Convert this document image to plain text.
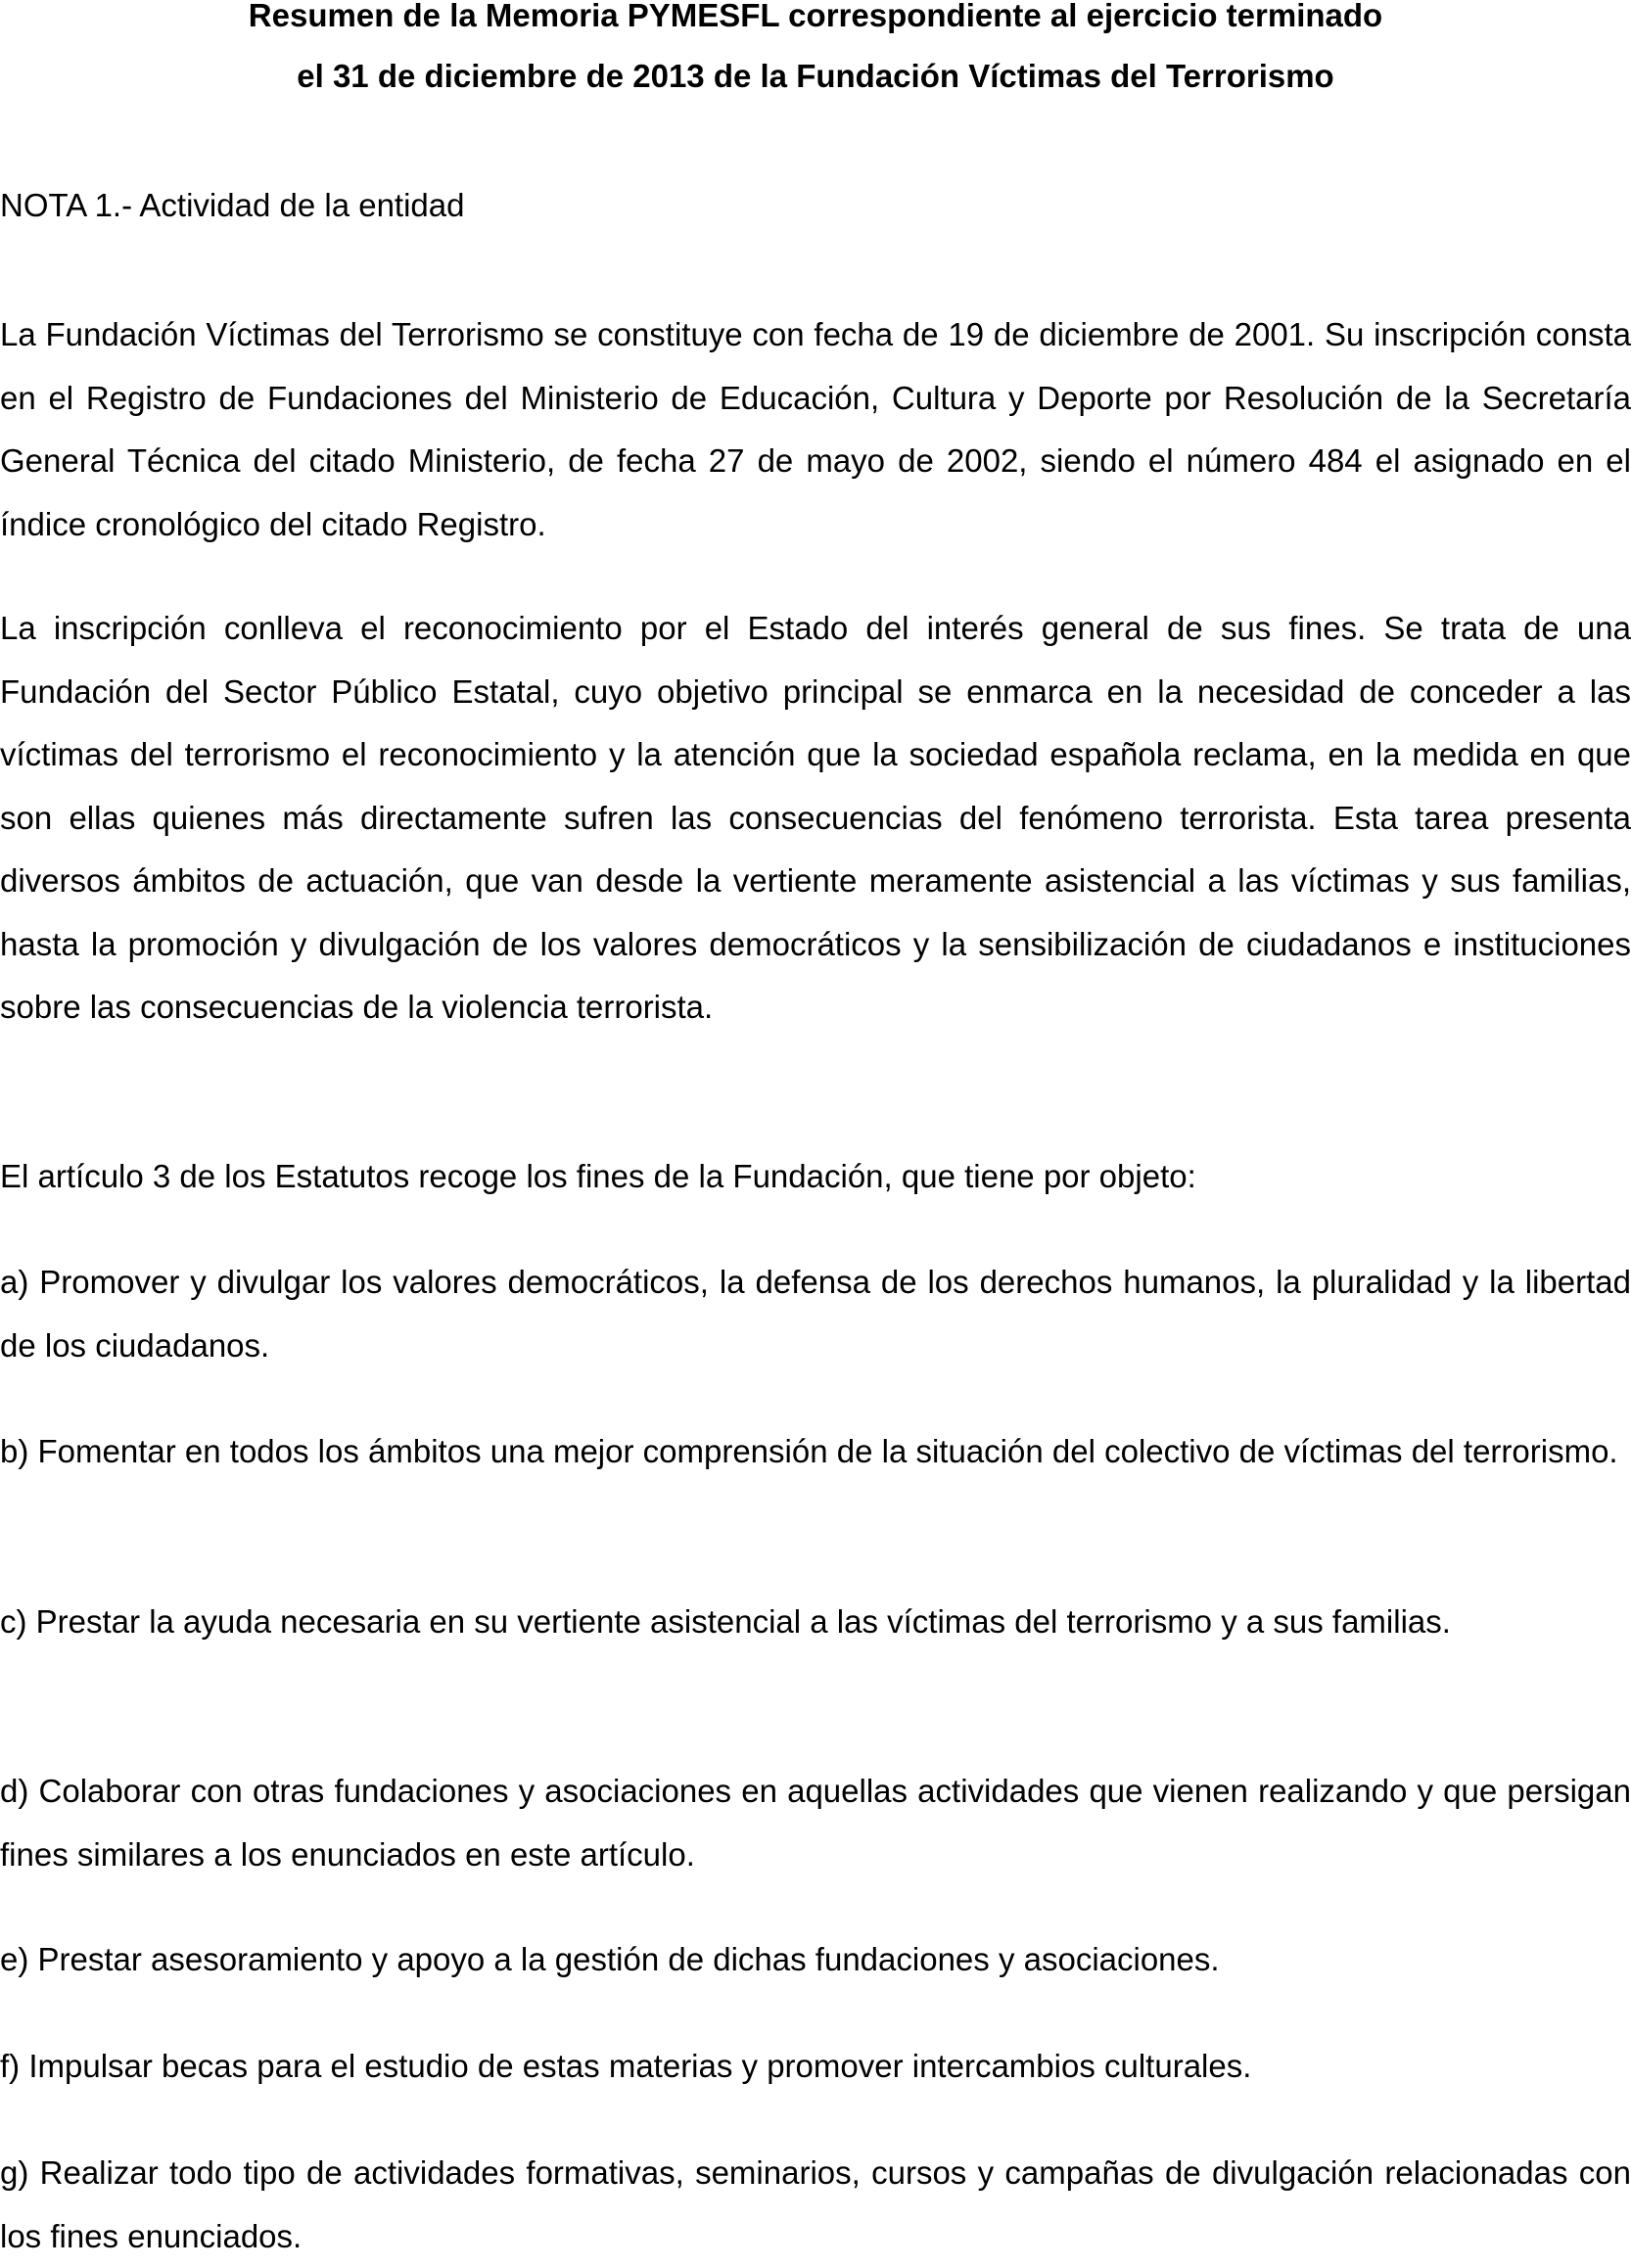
Resumen de la Memoria PYMESFL correspondiente al ejercicio terminado
el 31 de diciembre de 2013 de la Fundación Víctimas del Terrorismo
NOTA 1.- Actividad de la entidad

La Fundación Víctimas del Terrorismo se constituye con fecha de 19 de diciembre de 2001. Su inscripción consta en el Registro de Fundaciones del Ministerio de Educación, Cultura y Deporte por Resolución de la Secretaría General Técnica del citado Ministerio, de fecha 27 de mayo de 2002, siendo el número 484 el asignado en el índice cronológico del citado Registro.

La inscripción conlleva el reconocimiento por el Estado del interés general de sus fines. Se trata de una Fundación del Sector Público Estatal, cuyo objetivo principal se enmarca en la necesidad de conceder a las víctimas del terrorismo el reconocimiento y la atención que la sociedad española reclama, en la medida en que son ellas quienes más directamente sufren las consecuencias del fenómeno terrorista. Esta tarea presenta diversos ámbitos de actuación, que van desde la vertiente meramente asistencial a las víctimas y sus familias, hasta la promoción y divulgación de los valores democráticos y la sensibilización de ciudadanos e instituciones sobre las consecuencias de la violencia terrorista.

El artículo 3 de los Estatutos recoge los fines de la Fundación, que tiene por objeto:

a) Promover y divulgar los valores democráticos, la defensa de los derechos humanos, la pluralidad y la libertad de los ciudadanos.

b) Fomentar en todos los ámbitos una mejor comprensión de la situación del colectivo de víctimas del terrorismo.

c) Prestar la ayuda necesaria en su vertiente asistencial a las víctimas del terrorismo y a sus familias.

d) Colaborar con otras fundaciones y asociaciones en aquellas actividades que vienen realizando y que persigan fines similares a los enunciados en este artículo.

e) Prestar asesoramiento y apoyo a la gestión de dichas fundaciones y asociaciones.

f) Impulsar becas para el estudio de estas materias y promover intercambios culturales.

g) Realizar todo tipo de actividades formativas, seminarios, cursos y campañas de divulgación relacionadas con los fines enunciados.
